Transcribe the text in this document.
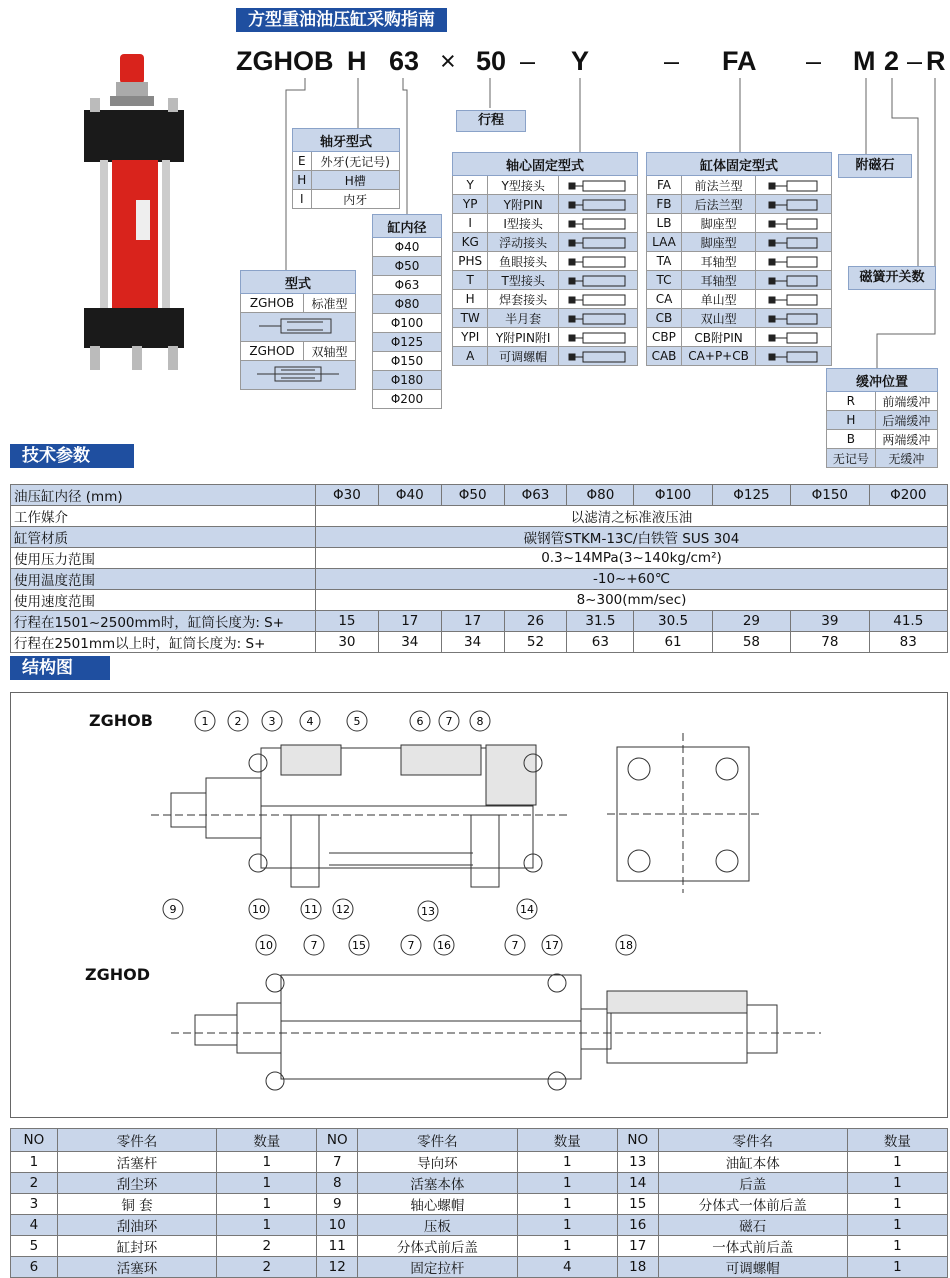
方型重油油压缸采购指南
ZGHOB H 63 × 50 – Y	– FA – M 2 – R
行程
轴牙型式	
E	外牙(无记号)
H	H槽
I	内牙
缸内径
Φ40
Φ50
Φ63
Φ80
Φ100
Φ125
Φ150
Φ180
Φ200
型式	
ZGHOB	标准型

ZGHOD	双轴型

轴心固定型式		
Y	Y型接头	
YP	Y附PIN	
I	I型接头	
KG	浮动接头	
PHS	鱼眼接头	
T	T型接头	
H	焊套接头	
TW	半月套	
YPI	Y附PIN附I	
A	可调螺帽	
缸体固定型式		
FA	前法兰型	
FB	后法兰型	
LB	脚座型	
LAA	脚座型	
TA	耳轴型	
TC	耳轴型	
CA	单山型	
CB	双山型	
CBP	CB附PIN	
CAB	CA+P+CB	
附磁石
磁簧开关数
缓冲位置	
R	前端缓冲
H	后端缓冲
B	两端缓冲
无记号	无缓冲
技术参数
油压缸内径 (mm)	Φ30	Φ40	Φ50	Φ63	Φ80	Φ100	Φ125	Φ150	Φ200
工作媒介	以滤清之标准液压油								
缸管材质	碳钢管STKM-13C/白铁管 SUS 304								
使用压力范围	0.3~14MPa(3~140kg/cm²)								
使用温度范围	-10~+60℃								
使用速度范围	8~300(mm/sec)								
行程在1501~2500mm时，缸筒长度为: S+	15	17	17	26	31.5	30.5	29	39	41.5
行程在2501mm以上时，缸筒长度为: S+	30	34	34	52	63	61	58	78	83
结构图
ZGHOB
ZGHOD
1 2 3	4	5	6 7 8
9	10	11 12	13	14
10	7	15	7 16	7 17	18
NO	零件名	数量	NO	零件名	数量	NO	零件名	数量
1	活塞杆	1	7	导向环	1	13	油缸本体	1
2	刮尘环	1	8	活塞本体	1	14	后盖	1
3	铜 套	1	9	轴心螺帽	1	15	分体式一体前后盖	1
4	刮油环	1	10	压板	1	16	磁石	1
5	缸封环	2	11	分体式前后盖	1	17	一体式前后盖	1
6	活塞环	2	12	固定拉杆	4	18	可调螺帽	1
